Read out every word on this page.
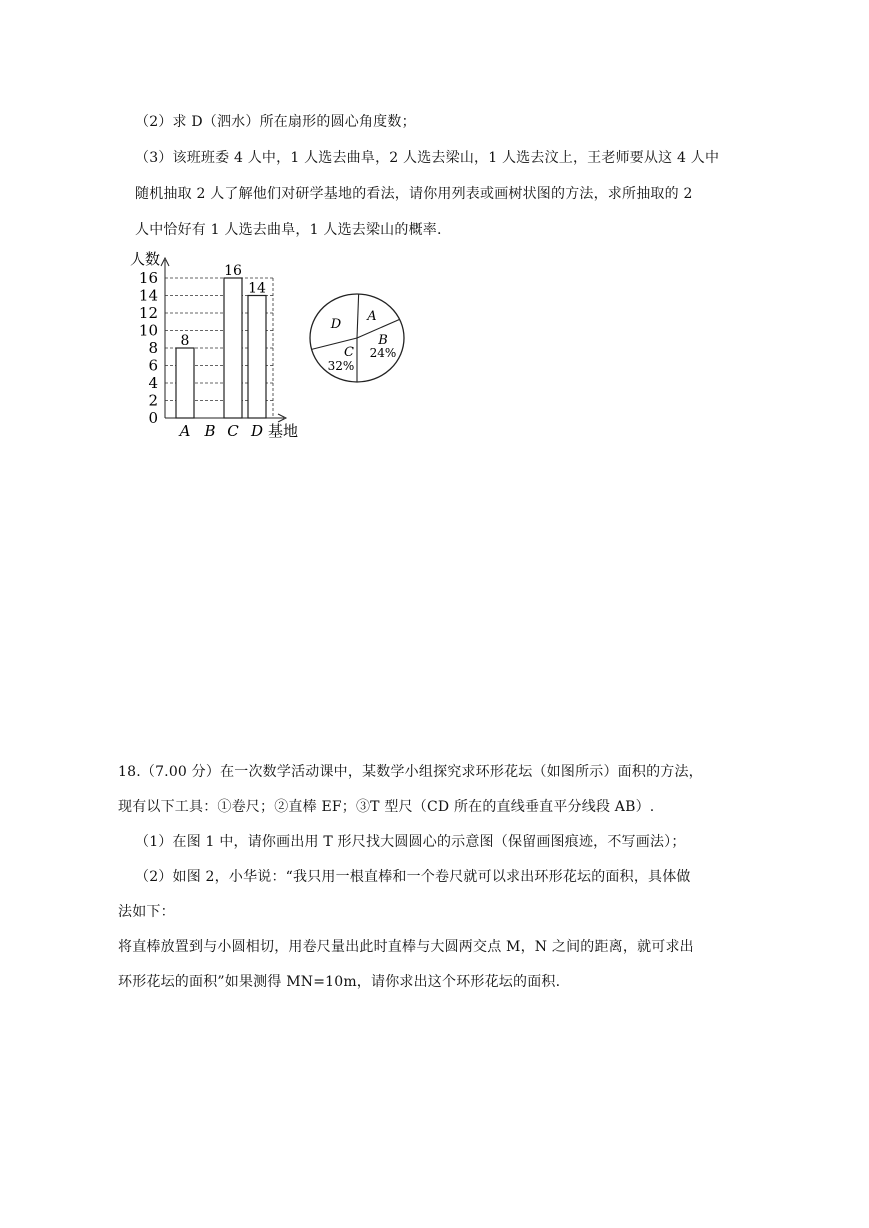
（2）求 D（泗水）所在扇形的圆心角度数；
（3）该班班委 4 人中，1 人选去曲阜，2 人选去梁山，1 人选去汶上，王老师要从这 4 人中
随机抽取 2 人了解他们对研学基地的看法，请你用列表或画树状图的方法，求所抽取的 2
人中恰好有 1 人选去曲阜，1 人选去梁山的概率.
0
2
4
6
8
10
12
14
16
8
16
14
A B C D
人数
基地
A
B
24%
C
32%
D
18.（7.00 分）在一次数学活动课中，某数学小组探究求环形花坛（如图所示）面积的方法，
现有以下工具：①卷尺；②直棒 EF；③T 型尺（CD 所在的直线垂直平分线段 AB）.
（1）在图 1 中，请你画出用 T 形尺找大圆圆心的示意图（保留画图痕迹，不写画法）；
（2）如图 2，小华说：“我只用一根直棒和一个卷尺就可以求出环形花坛的面积，具体做
法如下：
将直棒放置到与小圆相切，用卷尺量出此时直棒与大圆两交点 M，N 之间的距离，就可求出
环形花坛的面积”如果测得 MN=10m，请你求出这个环形花坛的面积.
